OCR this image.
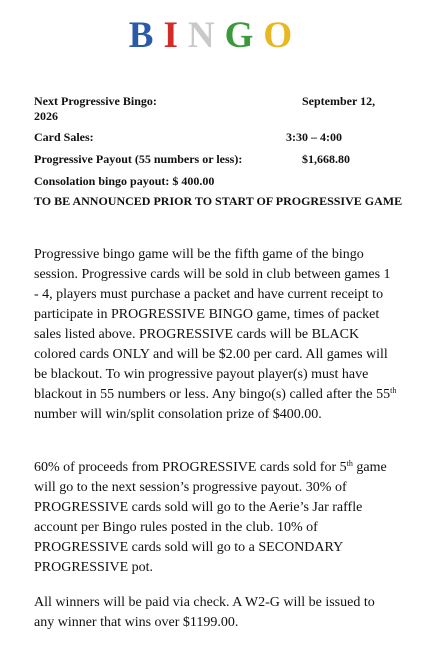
BINGO
Next Progressive Bingo:	September 12,
2026
Card Sales:	3:30 – 4:00
Progressive Payout (55 numbers or less):	$1,668.80
Consolation bingo payout: $ 400.00
TO BE ANNOUNCED PRIOR TO START OF PROGRESSIVE GAME

Progressive bingo game will be the fifth game of the bingo session. Progressive cards will be sold in club between games 1 - 4, players must purchase a packet and have current receipt to participate in PROGRESSIVE BINGO game, times of packet sales listed above. PROGRESSIVE cards will be BLACK colored cards ONLY and will be $2.00 per card. All games will be blackout. To win progressive payout player(s) must have blackout in 55 numbers or less. Any bingo(s) called after the 55th number will win/split consolation prize of $400.00.

60% of proceeds from PROGRESSIVE cards sold for 5th game will go to the next session’s progressive payout. 30% of PROGRESSIVE cards sold will go to the Aerie’s Jar raffle account per Bingo rules posted in the club. 10% of PROGRESSIVE cards sold will go to a SECONDARY PROGRESSIVE pot.

All winners will be paid via check. A W2-G will be issued to any winner that wins over $1199.00.
